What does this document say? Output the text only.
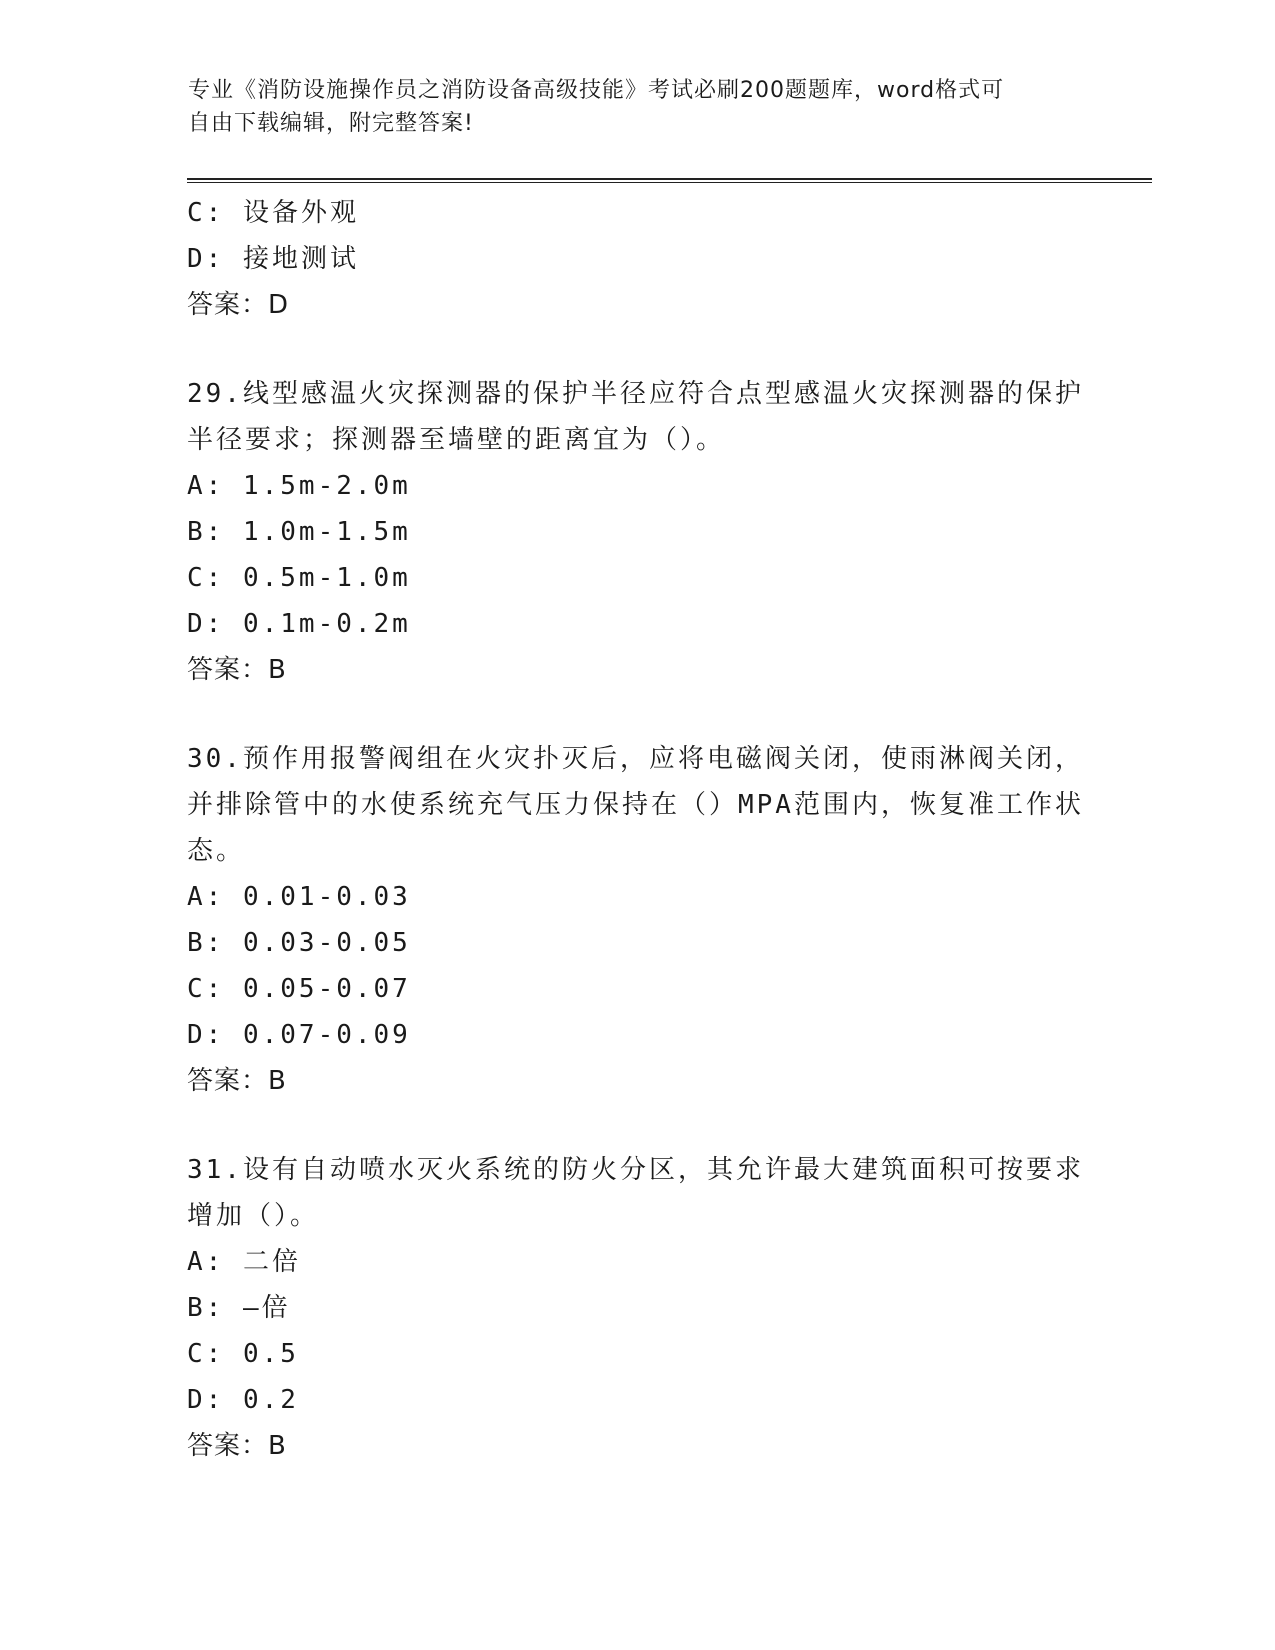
专业《消防设施操作员之消防设备高级技能》考试必刷200题题库，word格式可
自由下载编辑，附完整答案!
C: 设备外观
D: 接地测试
答案：D
29.线型感温火灾探测器的保护半径应符合点型感温火灾探测器的保护半径要求；探测器至墙壁的距离宜为（）。
A: 1.5m-2.0m
B: 1.0m-1.5m
C: 0.5m-1.0m
D: 0.1m-0.2m
答案：B
30.预作用报警阀组在火灾扑灭后，应将电磁阀关闭，使雨淋阀关闭，并排除管中的水使系统充气压力保持在（）MPA范围内，恢复准工作状态。
A: 0.01-0.03
B: 0.03-0.05
C: 0.05-0.07
D: 0.07-0.09
答案：B
31.设有自动喷水灭火系统的防火分区，其允许最大建筑面积可按要求增加（）。
A: 二倍
B: —倍
C: 0.5
D: 0.2
答案：B
